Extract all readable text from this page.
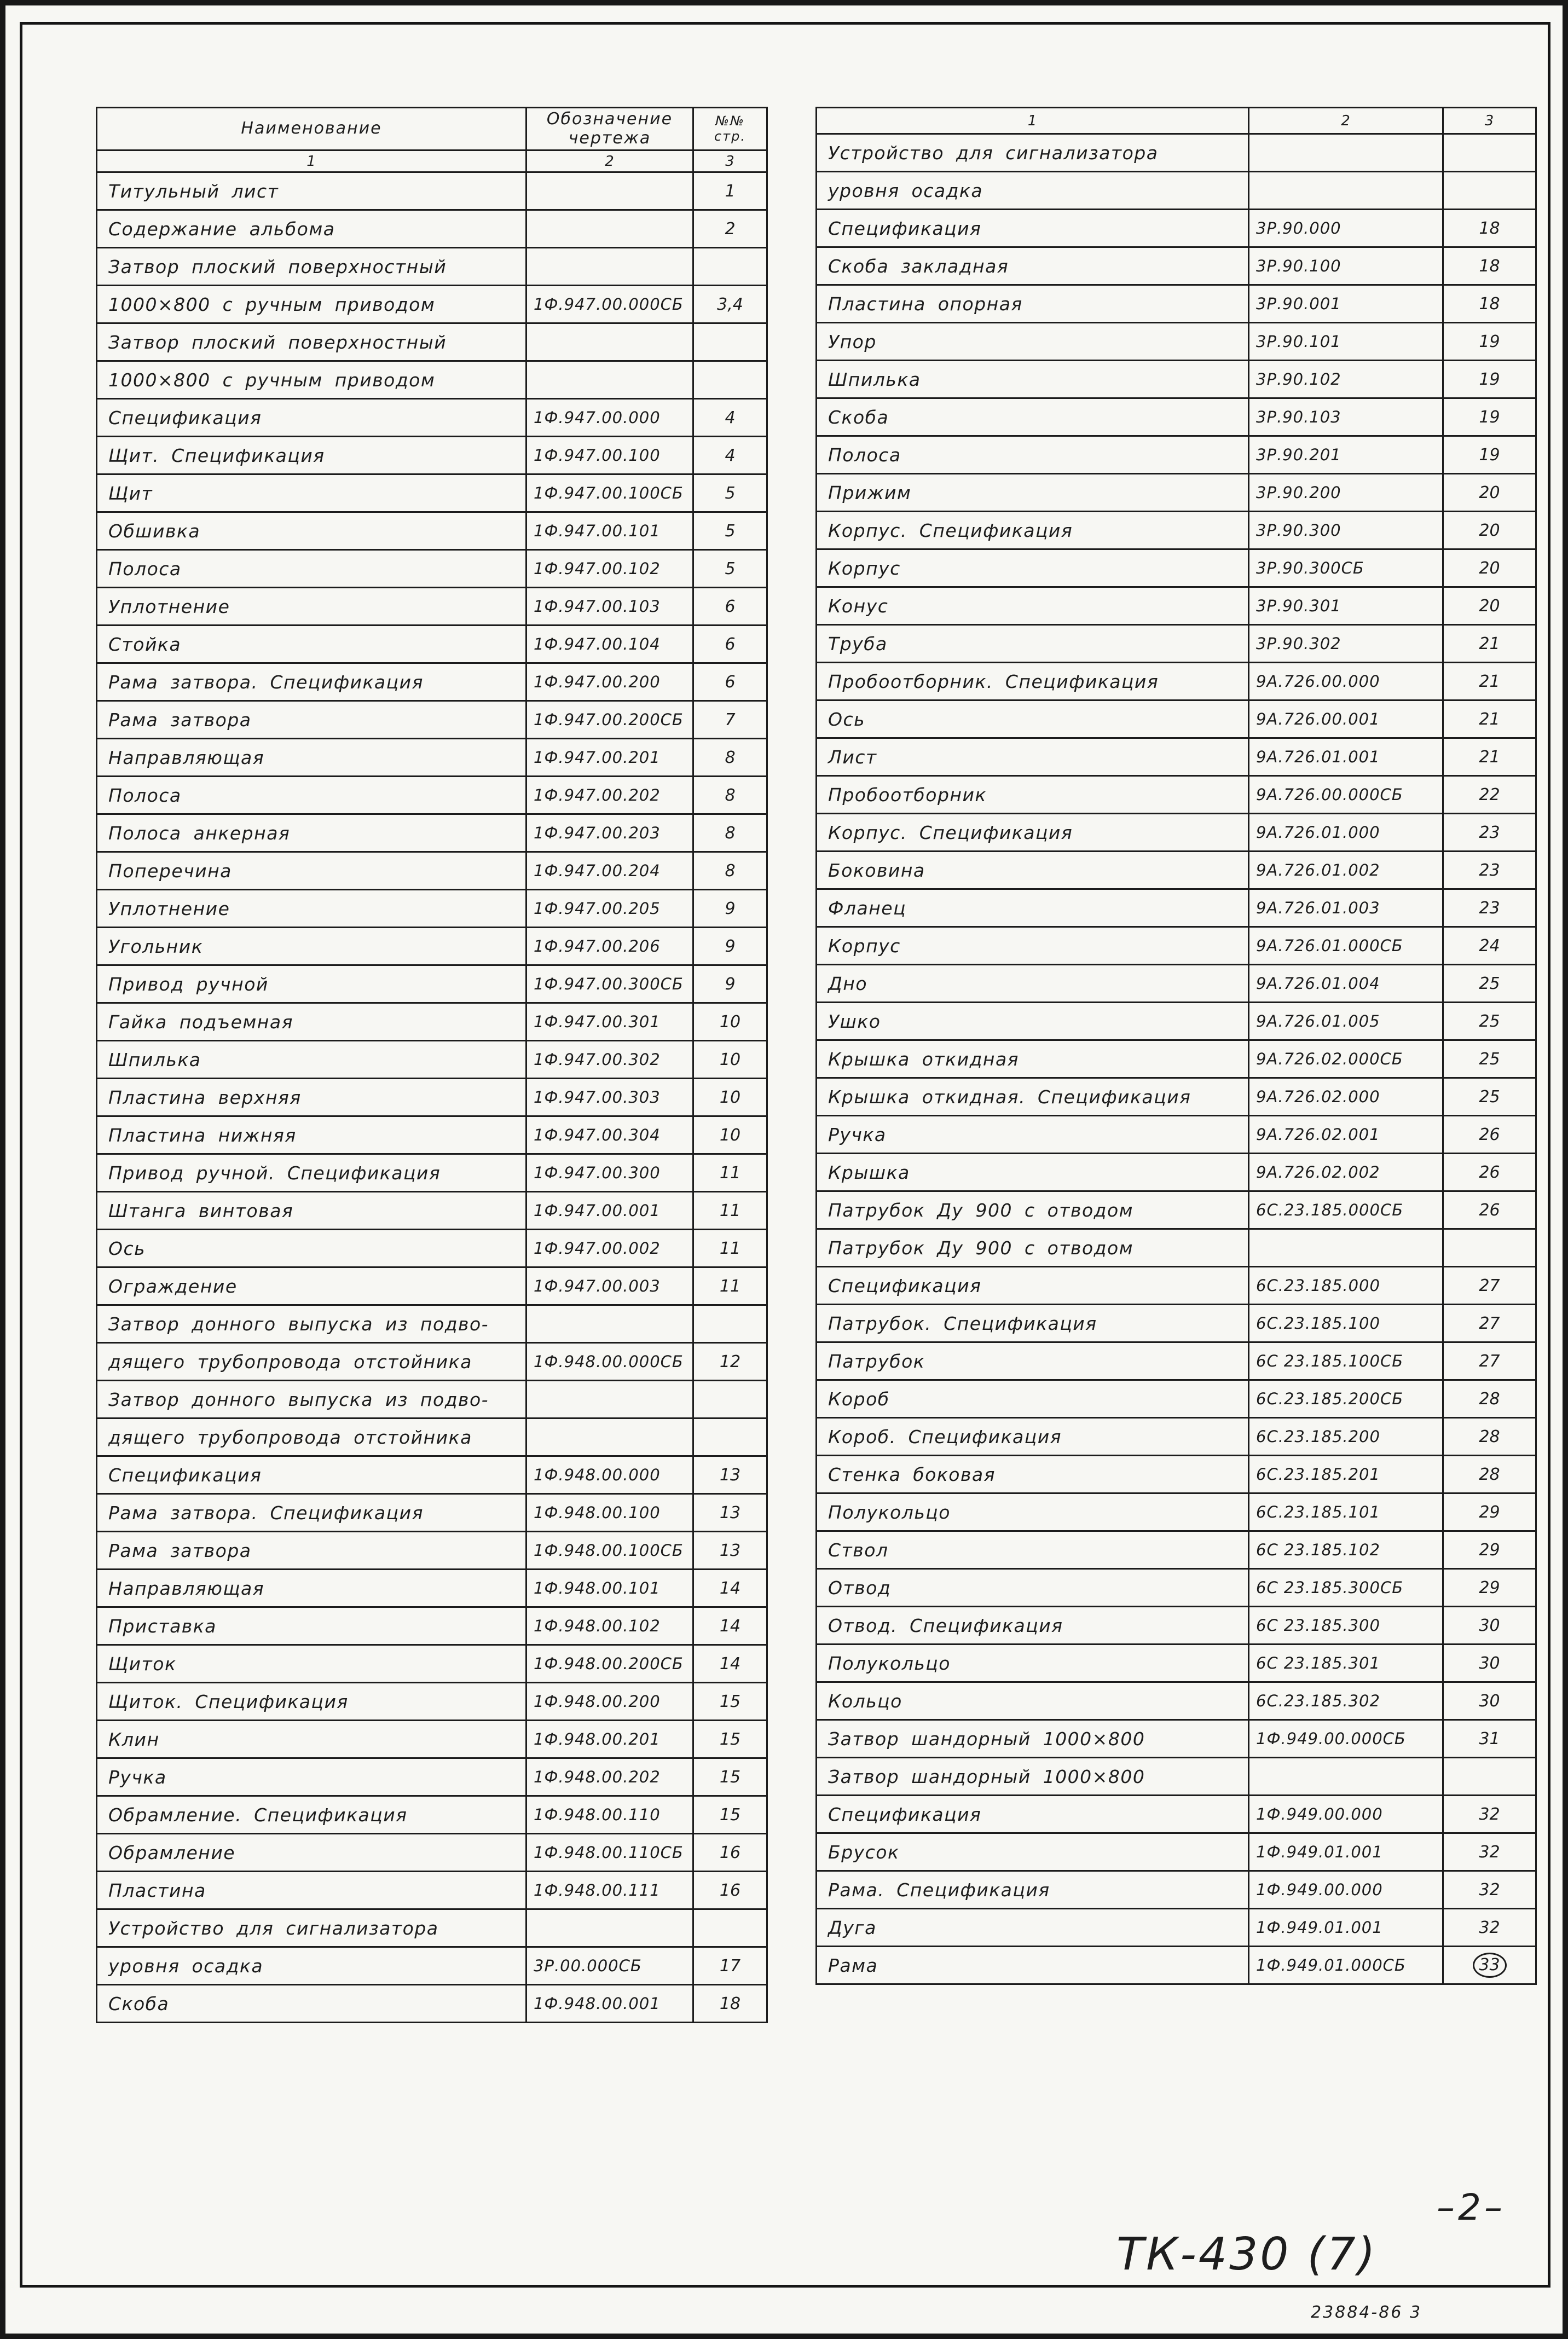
Наименование	Обозначение чертежа	№№ стр.
1	2	3
Титульный лист		1
Содержание альбома		2
Затвор плоский поверхностный		
1000×800 с ручным приводом	1Ф.947.00.000СБ	3,4
Затвор плоский поверхностный		
1000×800 с ручным приводом		
Спецификация	1Ф.947.00.000	4
Щит. Спецификация	1Ф.947.00.100	4
Щит	1Ф.947.00.100СБ	5
Обшивка	1Ф.947.00.101	5
Полоса	1Ф.947.00.102	5
Уплотнение	1Ф.947.00.103	6
Стойка	1Ф.947.00.104	6
Рама затвора. Спецификация	1Ф.947.00.200	6
Рама затвора	1Ф.947.00.200СБ	7
Направляющая	1Ф.947.00.201	8
Полоса	1Ф.947.00.202	8
Полоса анкерная	1Ф.947.00.203	8
Поперечина	1Ф.947.00.204	8
Уплотнение	1Ф.947.00.205	9
Угольник	1Ф.947.00.206	9
Привод ручной	1Ф.947.00.300СБ	9
Гайка подъемная	1Ф.947.00.301	10
Шпилька	1Ф.947.00.302	10
Пластина верхняя	1Ф.947.00.303	10
Пластина нижняя	1Ф.947.00.304	10
Привод ручной. Спецификация	1Ф.947.00.300	11
Штанга винтовая	1Ф.947.00.001	11
Ось	1Ф.947.00.002	11
Ограждение	1Ф.947.00.003	11
Затвор донного выпуска из подво-		
дящего трубопровода отстойника	1Ф.948.00.000СБ	12
Затвор донного выпуска из подво-		
дящего трубопровода отстойника		
Спецификация	1Ф.948.00.000	13
Рама затвора. Спецификация	1Ф.948.00.100	13
Рама затвора	1Ф.948.00.100СБ	13
Направляющая	1Ф.948.00.101	14
Приставка	1Ф.948.00.102	14
Щиток	1Ф.948.00.200СБ	14
Щиток. Спецификация	1Ф.948.00.200	15
Клин	1Ф.948.00.201	15
Ручка	1Ф.948.00.202	15
Обрамление. Спецификация	1Ф.948.00.110	15
Обрамление	1Ф.948.00.110СБ	16
Пластина	1Ф.948.00.111	16
Устройство для сигнализатора		
уровня осадка	3Р.00.000СБ	17
Скоба	1Ф.948.00.001	18
1	2	3
Устройство для сигнализатора		
уровня осадка		
Спецификация	3Р.90.000	18
Скоба закладная	3Р.90.100	18
Пластина опорная	3Р.90.001	18
Упор	3Р.90.101	19
Шпилька	3Р.90.102	19
Скоба	3Р.90.103	19
Полоса	3Р.90.201	19
Прижим	3Р.90.200	20
Корпус. Спецификация	3Р.90.300	20
Корпус	3Р.90.300СБ	20
Конус	3Р.90.301	20
Труба	3Р.90.302	21
Пробоотборник. Спецификация	9А.726.00.000	21
Ось	9А.726.00.001	21
Лист	9А.726.01.001	21
Пробоотборник	9А.726.00.000СБ	22
Корпус. Спецификация	9А.726.01.000	23
Боковина	9А.726.01.002	23
Фланец	9А.726.01.003	23
Корпус	9А.726.01.000СБ	24
Дно	9А.726.01.004	25
Ушко	9А.726.01.005	25
Крышка откидная	9А.726.02.000СБ	25
Крышка откидная. Спецификация	9А.726.02.000	25
Ручка	9А.726.02.001	26
Крышка	9А.726.02.002	26
Патрубок Ду 900 с отводом	6С.23.185.000СБ	26
Патрубок Ду 900 с отводом		
Спецификация	6С.23.185.000	27
Патрубок. Спецификация	6С.23.185.100	27
Патрубок	6С 23.185.100СБ	27
Короб	6С.23.185.200СБ	28
Короб. Спецификация	6С.23.185.200	28
Стенка боковая	6С.23.185.201	28
Полукольцо	6С.23.185.101	29
Ствол	6С 23.185.102	29
Отвод	6С 23.185.300СБ	29
Отвод. Спецификация	6С 23.185.300	30
Полукольцо	6С 23.185.301	30
Кольцо	6С.23.185.302	30
Затвор шандорный 1000×800	1Ф.949.00.000СБ	31
Затвор шандорный 1000×800		
Спецификация	1Ф.949.00.000	32
Брусок	1Ф.949.01.001	32
Рама. Спецификация	1Ф.949.00.000	32
Дуга	1Ф.949.01.001	32
Рама	1Ф.949.01.000СБ	33
–2–
ТК-430 (7)
23884-86 3
